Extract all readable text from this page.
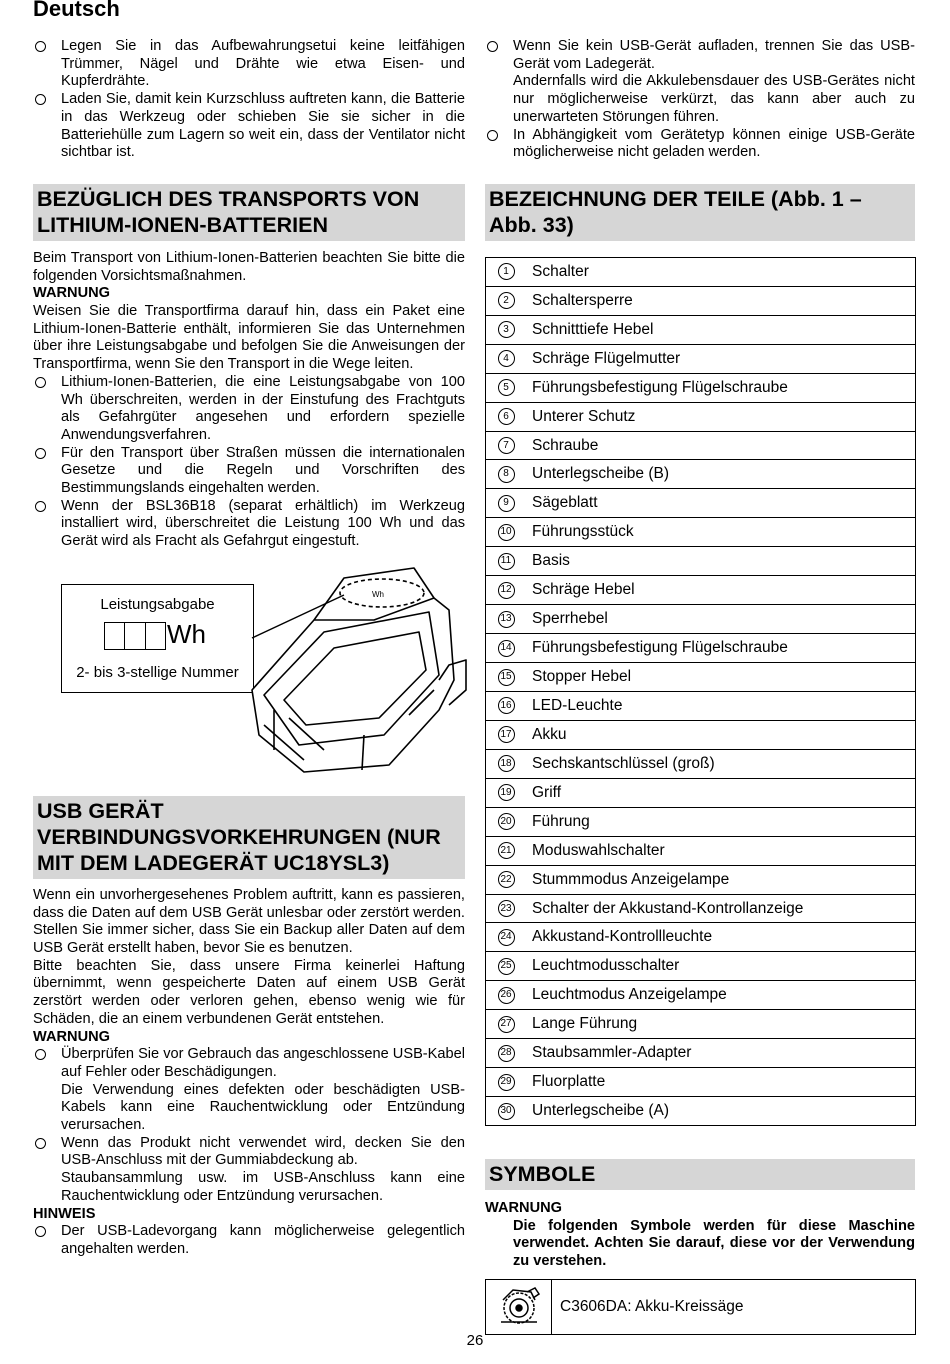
Deutsch

Legen Sie in das Aufbewahrungsetui keine leitfähigen Trümmer, Nägel und Drähte wie etwa Eisen- und Kupferdrähte.

Laden Sie, damit kein Kurzschluss auftreten kann, die Batterie in das Werkzeug oder schieben Sie sie sicher in die Batteriehülle zum Lagern so weit ein, dass der Ventilator nicht sichtbar ist.

BEZÜGLICH DES TRANSPORTS VON LITHIUM-IONEN-BATTERIEN

Beim Transport von Lithium-Ionen-Batterien beachten Sie bitte die folgenden Vorsichtsmaßnahmen.

WARNUNG

Weisen Sie die Transportfirma darauf hin, dass ein Paket eine Lithium-Ionen-Batterie enthält, informieren Sie das Unternehmen über ihre Leistungsabgabe und befolgen Sie die Anweisungen der Transportfirma, wenn Sie den Transport in die Wege leiten.

Lithium-Ionen-Batterien, die eine Leistungsabgabe von 100 Wh überschreiten, werden in der Einstufung des Frachtguts als Gefahrgüter angesehen und erfordern spezielle Anwendungsverfahren.

Für den Transport über Straßen müssen die internationalen Gesetze und die Regeln und Vorschriften des Bestimmungslands eingehalten werden.

Wenn der BSL36B18 (separat erhältlich) im Werkzeug installiert wird, überschreitet die Leistung 100 Wh und das Gerät wird als Fracht als Gefahrgut eingestuft.

Leistungsabgabe
Wh
2- bis 3-stellige Nummer
Wh
USB GERÄT VERBINDUNGSVORKEHRUNGEN (NUR MIT DEM LADEGERÄT UC18YSL3)

Wenn ein unvorhergesehenes Problem auftritt, kann es passieren, dass die Daten auf dem USB Gerät unlesbar oder zerstört werden. Stellen Sie immer sicher, dass Sie ein Backup aller Daten auf dem USB Gerät erstellt haben, bevor Sie es benutzen.

Bitte beachten Sie, dass unsere Firma keinerlei Haftung übernimmt, wenn gespeicherte Daten auf einem USB Gerät zerstört werden oder verloren gehen, ebenso wenig wie für Schäden, die an einem verbundenen Gerät entstehen.

WARNUNG

Überprüfen Sie vor Gebrauch das angeschlossene USB-Kabel auf Fehler oder Beschädigungen.

Die Verwendung eines defekten oder beschädigten USB-Kabels kann eine Rauchentwicklung oder Entzündung verursachen.

Wenn das Produkt nicht verwendet wird, decken Sie den USB-Anschluss mit der Gummiabdeckung ab.

Staubansammlung usw. im USB-Anschluss kann eine Rauchentwicklung oder Entzündung verursachen.

HINWEIS

Der USB-Ladevorgang kann möglicherweise gelegentlich angehalten werden.

Wenn Sie kein USB-Gerät aufladen, trennen Sie das USB-Gerät vom Ladegerät.

Andernfalls wird die Akkulebensdauer des USB-Gerätes nicht nur möglicherweise verkürzt, das kann aber auch zu unerwarteten Störungen führen.

In Abhängigkeit vom Gerätetyp können einige USB-Geräte möglicherweise nicht geladen werden.

BEZEICHNUNG DER TEILE (Abb. 1 – Abb. 33)
1	Schalter
2	Schaltersperre
3	Schnitttiefe Hebel
4	Schräge Flügelmutter
5	Führungsbefestigung Flügelschraube
6	Unterer Schutz
7	Schraube
8	Unterlegscheibe (B)
9	Sägeblatt
10	Führungsstück
11	Basis
12	Schräge Hebel
13	Sperrhebel
14	Führungsbefestigung Flügelschraube
15	Stopper Hebel
16	LED-Leuchte
17	Akku
18	Sechskantschlüssel (groß)
19	Griff
20	Führung
21	Moduswahlschalter
22	Stummmodus Anzeigelampe
23	Schalter der Akkustand-Kontrollanzeige
24	Akkustand-Kontrollleuchte
25	Leuchtmodusschalter
26	Leuchtmodus Anzeigelampe
27	Lange Führung
28	Staubsammler-Adapter
29	Fluorplatte
30	Unterlegscheibe (A)
SYMBOLE

WARNUNG

Die folgenden Symbole werden für diese Maschine verwendet. Achten Sie darauf, diese vor der Verwendung zu verstehen.

C3606DA: Akku-Kreissäge
26
